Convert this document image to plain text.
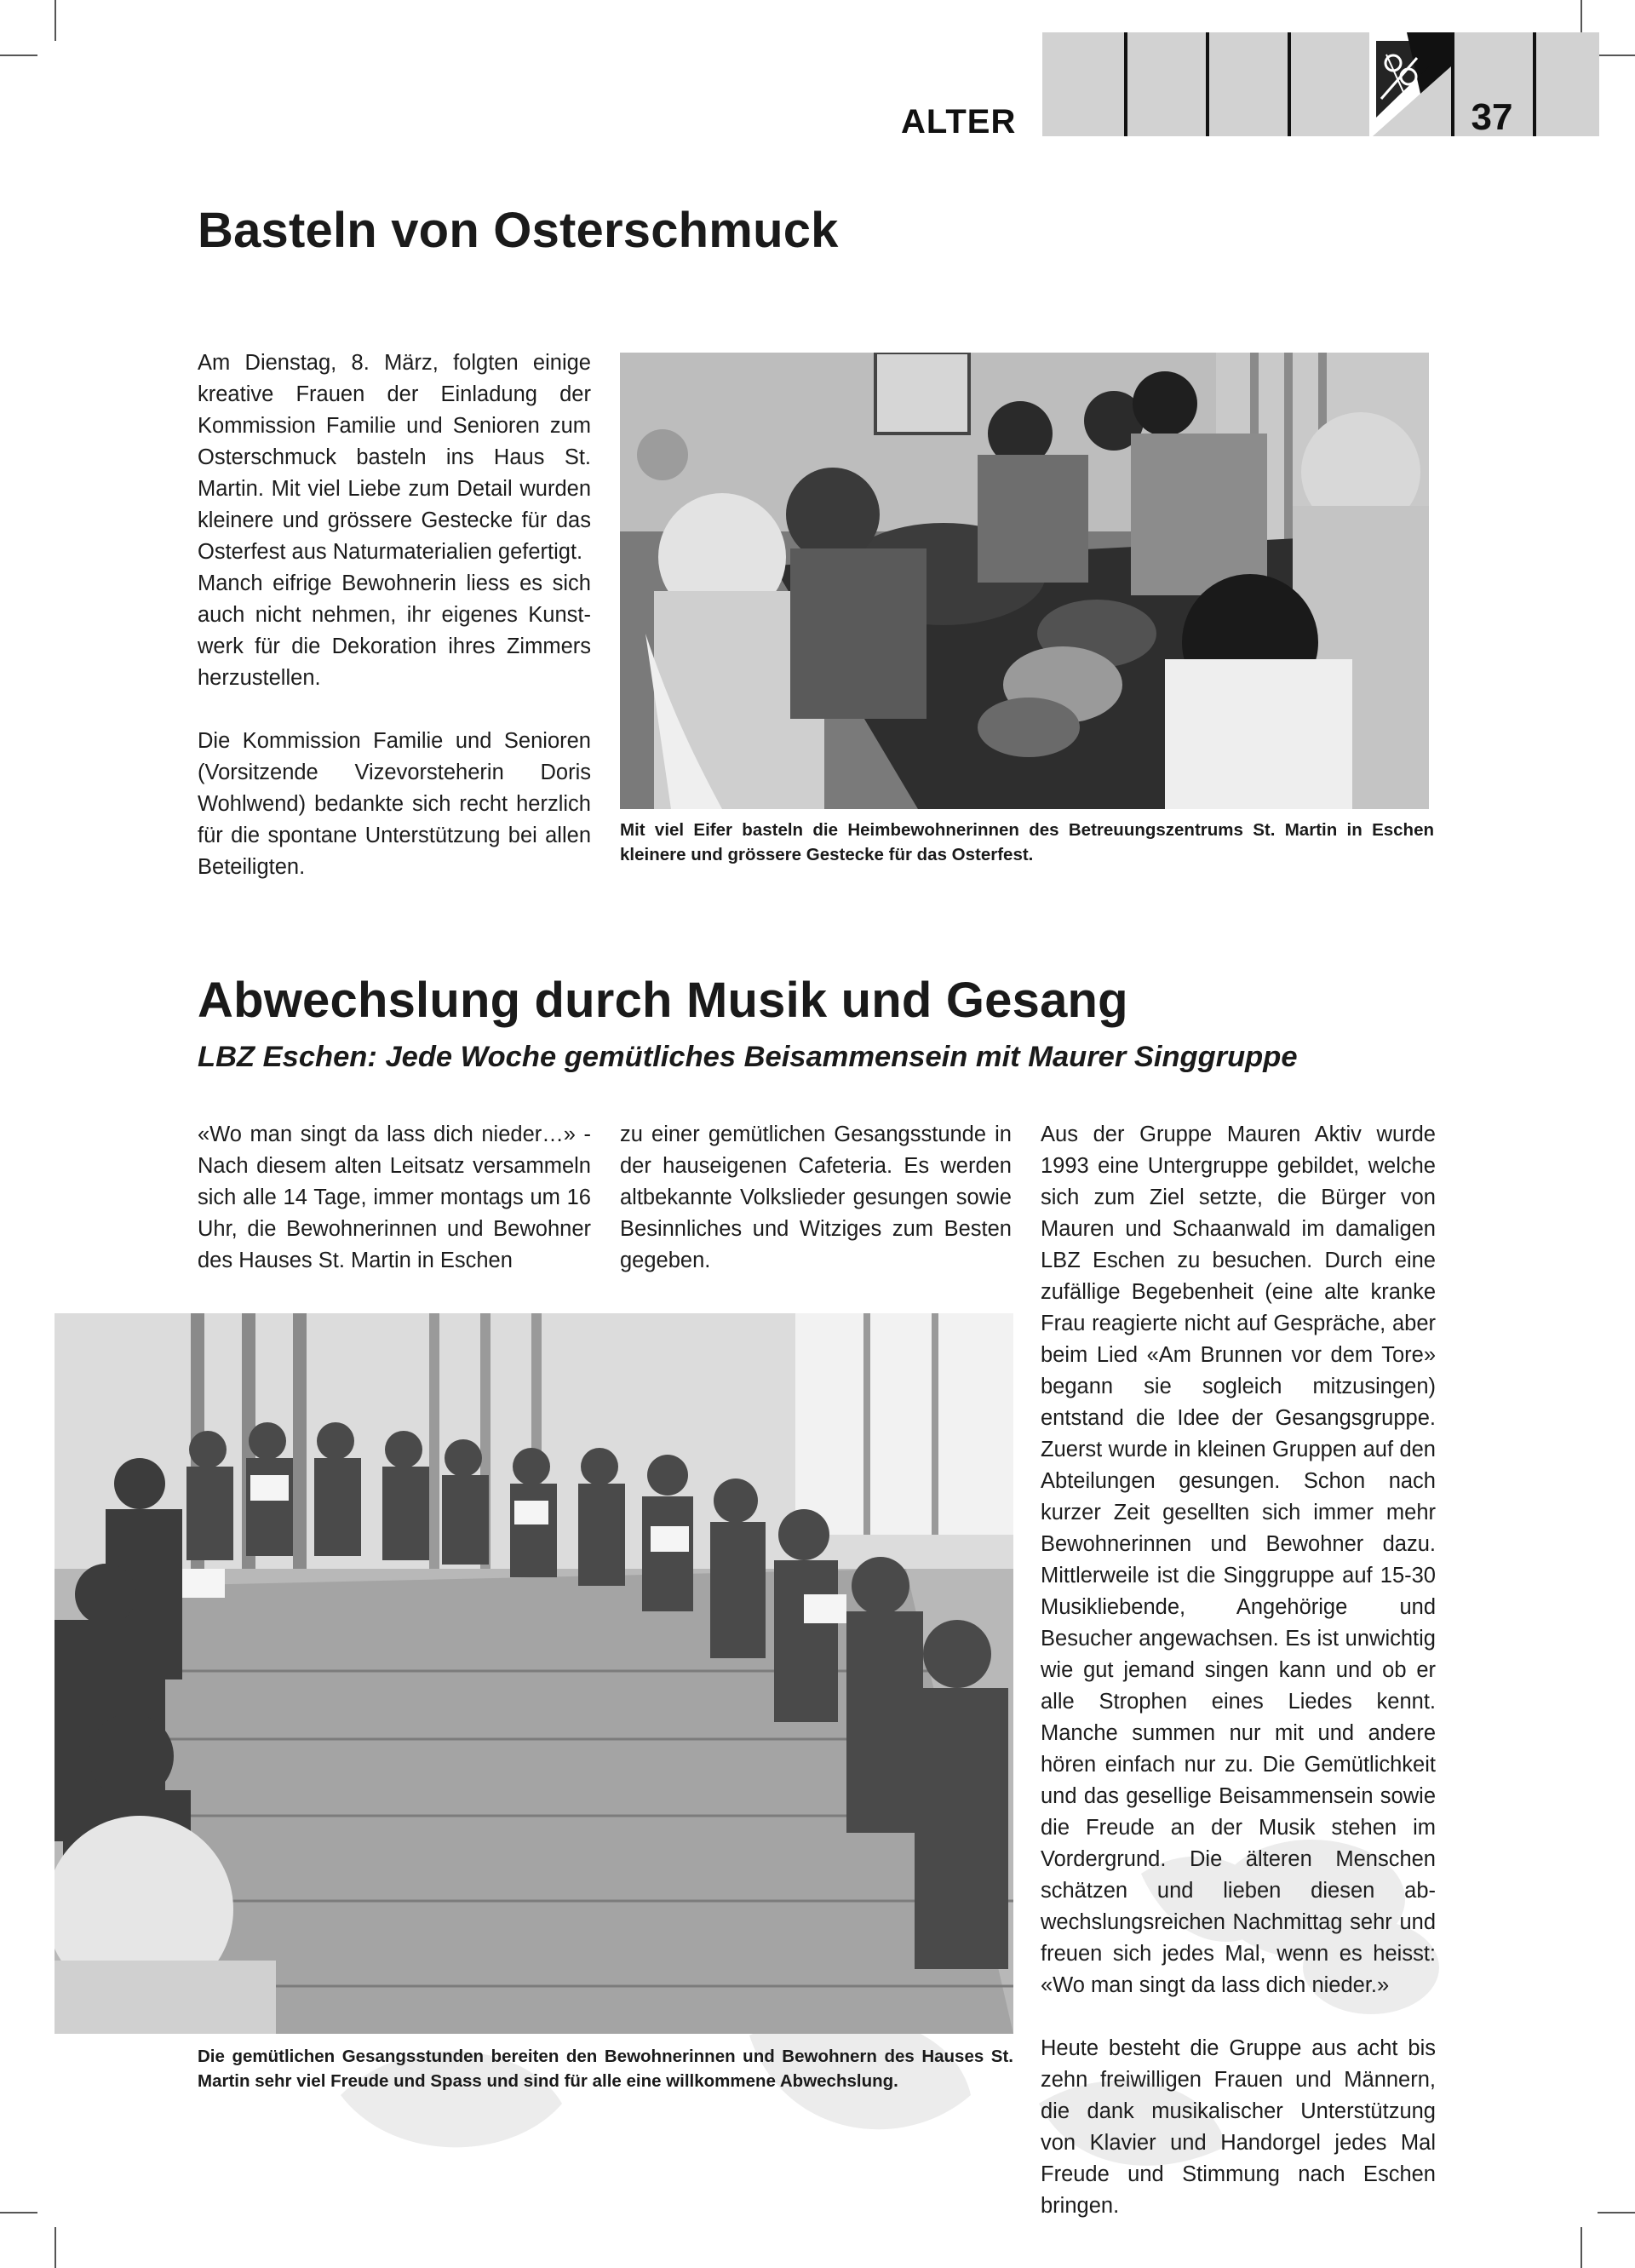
ALTER	37
Basteln von Osterschmuck

Am Dienstag, 8. März, folgten einige kreative Frauen der Einladung der Kommission Familie und Senioren zum Osterschmuck basteln ins Haus St. Martin. Mit viel Liebe zum Detail wurden kleinere und grössere Gestecke für das Osterfest aus Naturmaterialien gefertigt.

Manch eifrige Bewohnerin liess es sich auch nicht nehmen, ihr eigenes Kunstwerk für die Dekoration ihres Zimmers herzustellen.

Die Kommission Familie und Senioren (Vorsitzende Vizevorsteherin Doris Wohlwend) bedankte sich recht herzlich für die spontane Unterstützung bei allen Beteiligten.

Mit viel Eifer basteln die Heimbewohnerinnen des Betreuungszentrums St. Martin in Eschen kleinere und grössere Gestecke für das Osterfest.
Abwechslung durch Musik und Gesang
LBZ Eschen: Jede Woche gemütliches Beisammensein mit Maurer Singgruppe
«Wo man singt da lass dich nieder…» - Nach diesem alten Leitsatz versammeln sich alle 14 Tage, immer montags um 16 Uhr, die Bewohnerinnen und Bewohner des Hauses St. Martin in Eschen
zu einer gemütlichen Gesangsstunde in der hauseigenen Cafeteria. Es werden altbekannte Volkslieder gesungen sowie Besinnliches und Witziges zum Besten gegeben.

Aus der Gruppe Mauren Aktiv wurde 1993 eine Untergruppe gebildet, welche sich zum Ziel setzte, die Bürger von Mauren und Schaanwald im damaligen LBZ Eschen zu besuchen. Durch eine zufällige Begebenheit (eine alte kranke Frau reagierte nicht auf Gespräche, aber beim Lied «Am Brunnen vor dem Tore» begann sie sogleich mitzusingen) entstand die Idee der Gesangsgruppe. Zuerst wurde in kleinen Gruppen auf den Abteilungen gesungen. Schon nach kurzer Zeit gesellten sich immer mehr Bewohnerinnen und Bewohner dazu. Mittlerweile ist die Singgruppe auf 15-30 Musikliebende, Angehörige und Besucher angewachsen. Es ist unwichtig wie gut jemand singen kann und ob er alle Strophen eines Liedes kennt. Manche summen nur mit und andere hören einfach nur zu. Die Gemütlichkeit und das gesellige Beisammensein sowie die Freude an der Musik stehen im Vordergrund. Die älteren Menschen schätzen und lieben diesen abwechslungsreichen Nachmittag sehr und freuen sich jedes Mal, wenn es heisst: «Wo man singt da lass dich nieder.»

Heute besteht die Gruppe aus acht bis zehn freiwilligen Frauen und Männern, die dank musikalischer Unterstützung von Klavier und Handorgel jedes Mal Freude und Stimmung nach Eschen bringen.

Die gemütlichen Gesangsstunden bereiten den Bewohnerinnen und Bewohnern des Hauses St. Martin sehr viel Freude und Spass und sind für alle eine willkommene Abwechslung.
